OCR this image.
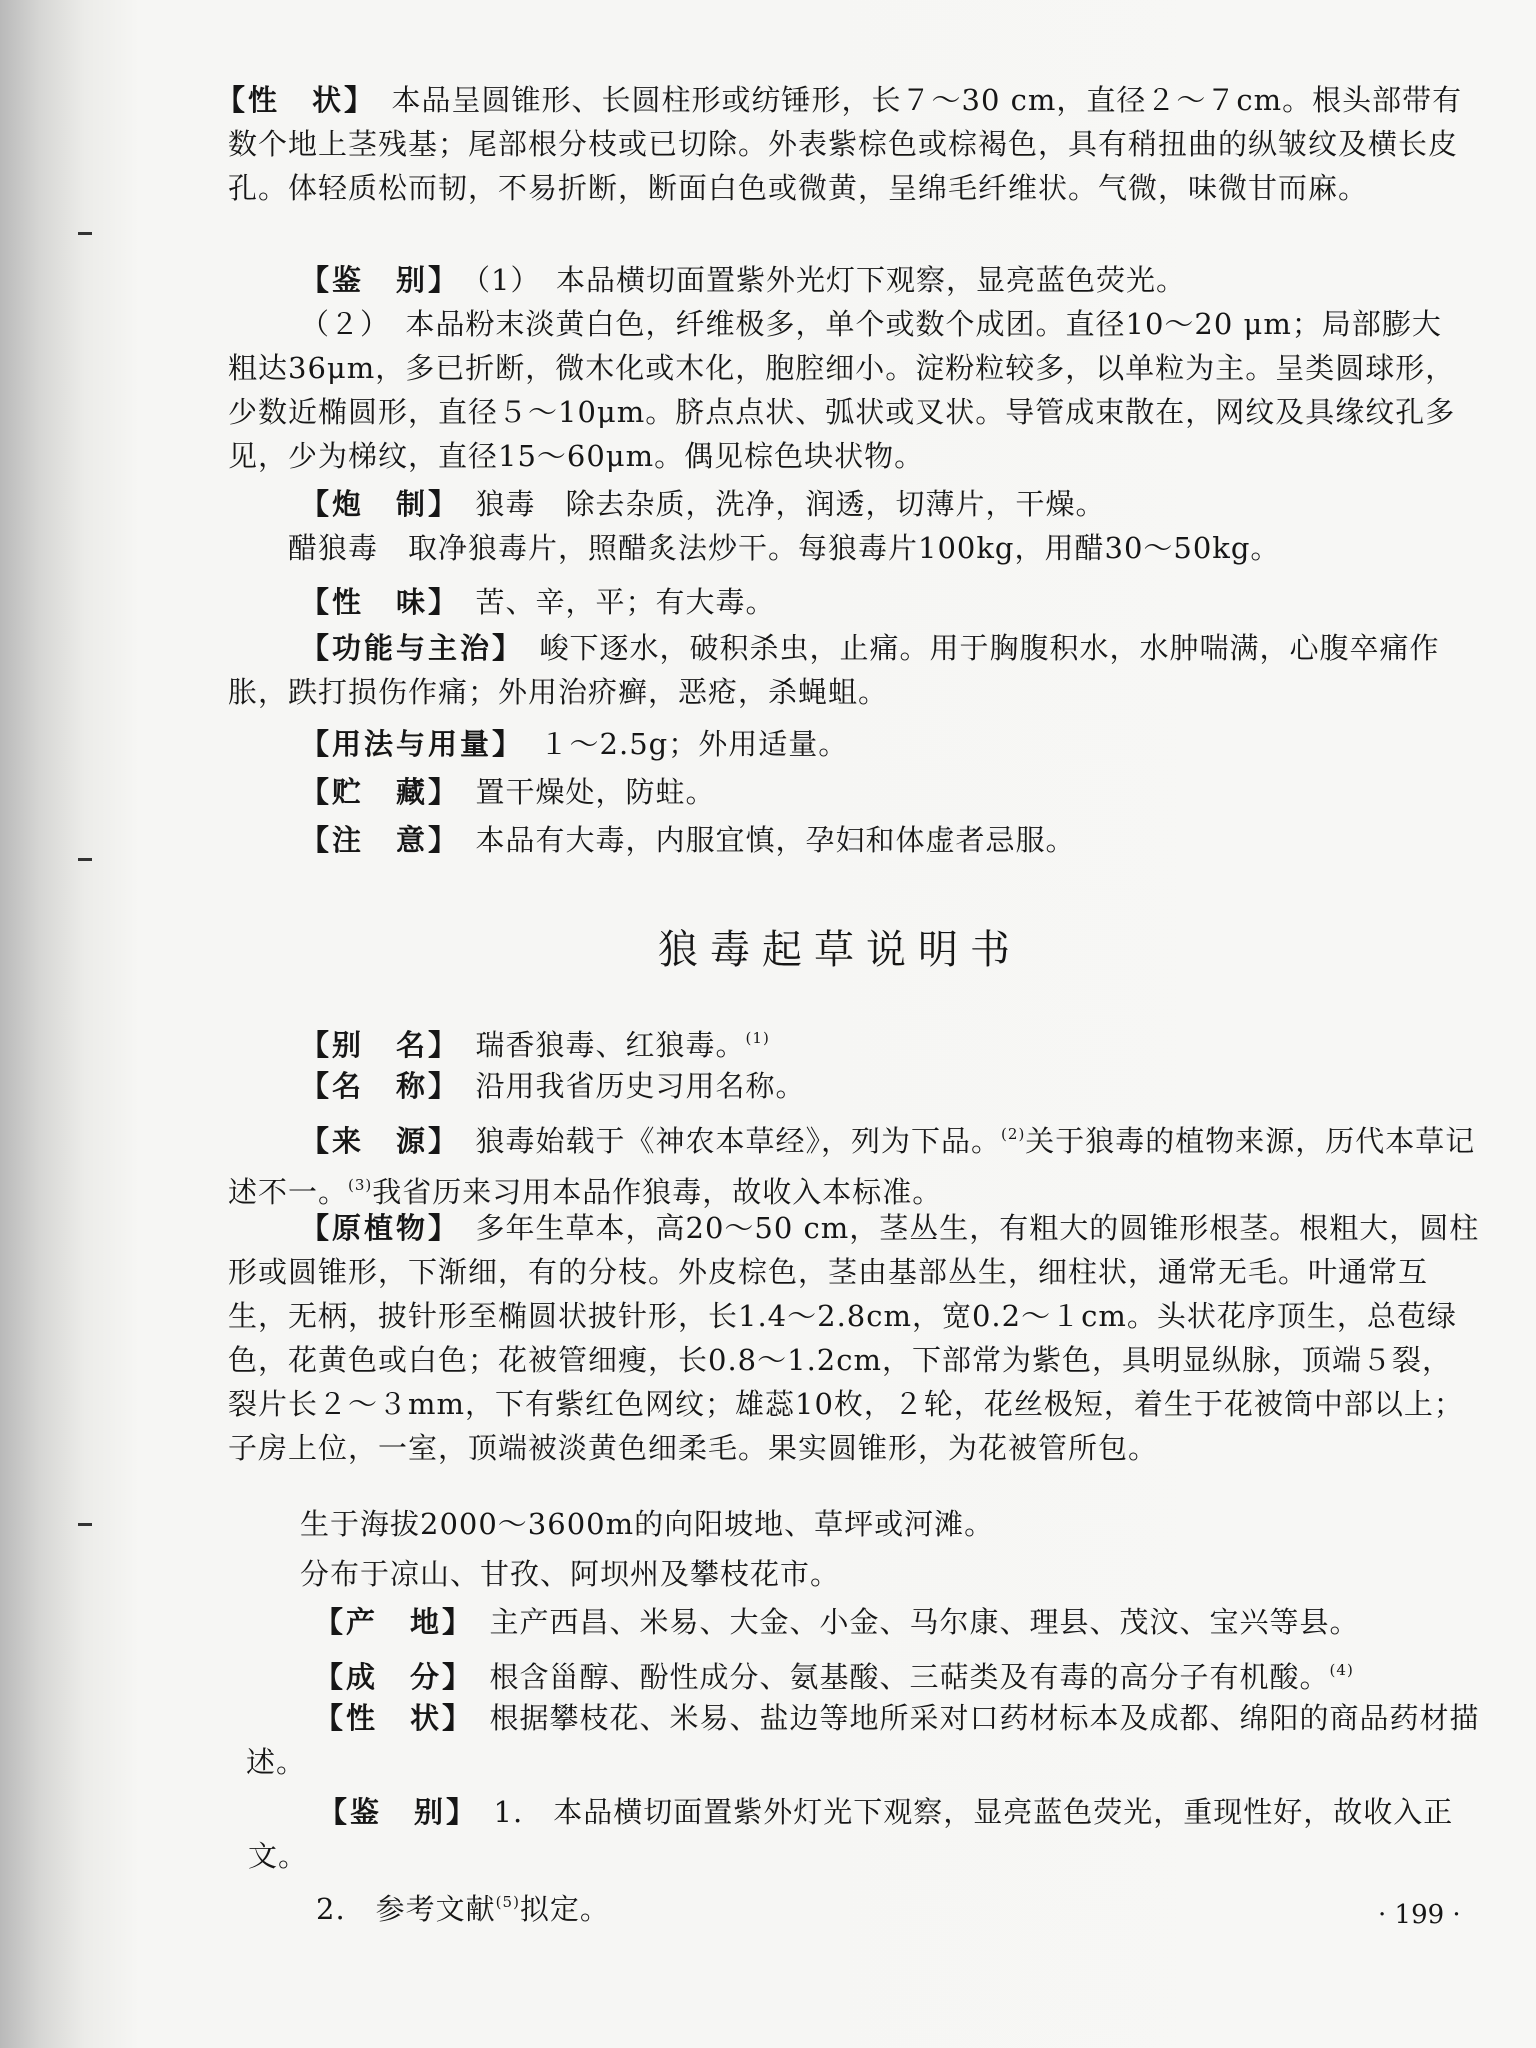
【性　状】　 本品呈圆锥形、长圆柱形或纺锤形，长７～30 cm，直径２～７cm。根头部带有数个地上茎残基；尾部根分枝或已切除。外表紫棕色或棕褐色，具有稍扭曲的纵皱纹及横长皮孔。体轻质松而韧，不易折断，断面白色或微黄，呈绵毛纤维状。气微，味微甘而麻。

【鉴　别】　 （1）　本品横切面置紫外光灯下观察，显亮蓝色荧光。

（２）　本品粉末淡黄白色，纤维极多，单个或数个成团。直径10～20 μm；局部膨大粗达36μm，多已折断，微木化或木化，胞腔细小。淀粉粒较多，以单粒为主。呈类圆球形，少数近椭圆形，直径５～10μm。脐点点状、弧状或叉状。导管成束散在，网纹及具缘纹孔多见，少为梯纹，直径15～60μm。偶见棕色块状物。

【炮　制】　 狼毒　除去杂质，洗净，润透，切薄片，干燥。

醋狼毒　取净狼毒片，照醋炙法炒干。每狼毒片100kg，用醋30～50kg。

【性　味】　 苦、辛，平；有大毒。

【功能与主治】　 峻下逐水，破积杀虫，止痛。用于胸腹积水，水肿喘满，心腹卒痛作胀，跌打损伤作痛；外用治疥癣，恶疮，杀蝇蛆。

【用法与用量】　 １～2.5g；外用适量。

【贮　藏】　 置干燥处，防蛀。

【注　意】　 本品有大毒，内服宜慎，孕妇和体虚者忌服。

狼毒起草说明书

【别　名】　 瑞香狼毒、红狼毒。$^{(1)}$

【名　称】　 沿用我省历史习用名称。

【来　源】　 狼毒始载于《神农本草经》，列为下品。$^{(2)}$关于狼毒的植物来源，历代本草记述不一。$^{(3)}$我省历来习用本品作狼毒，故收入本标准。

【原植物】　 多年生草本，高20～50 cm，茎丛生，有粗大的圆锥形根茎。根粗大，圆柱形或圆锥形，下渐细，有的分枝。外皮棕色，茎由基部丛生，细柱状，通常无毛。叶通常互生，无柄，披针形至椭圆状披针形，长1.4～2.8cm，宽0.2～１cm。头状花序顶生，总苞绿色，花黄色或白色；花被管细瘦，长0.8～1.2cm，下部常为紫色，具明显纵脉，顶端５裂，裂片长２～３mm，下有紫红色网纹；雄蕊10枚，２轮，花丝极短，着生于花被筒中部以上；子房上位，一室，顶端被淡黄色细柔毛。果实圆锥形，为花被管所包。

生于海拔2000～3600m的向阳坡地、草坪或河滩。

分布于凉山、甘孜、阿坝州及攀枝花市。

【产　地】　 主产西昌、米易、大金、小金、马尔康、理县、茂汶、宝兴等县。

【成　分】　 根含甾醇、酚性成分、氨基酸、三萜类及有毒的高分子有机酸。$^{(4)}$

【性　状】　 根据攀枝花、米易、盐边等地所采对口药材标本及成都、绵阳的商品药材描述。

【鉴　别】　 1.　本品横切面置紫外灯光下观察，显亮蓝色荧光，重现性好，故收入正文。

2.　参考文献$^{(5)}$拟定。	· 199 ·
